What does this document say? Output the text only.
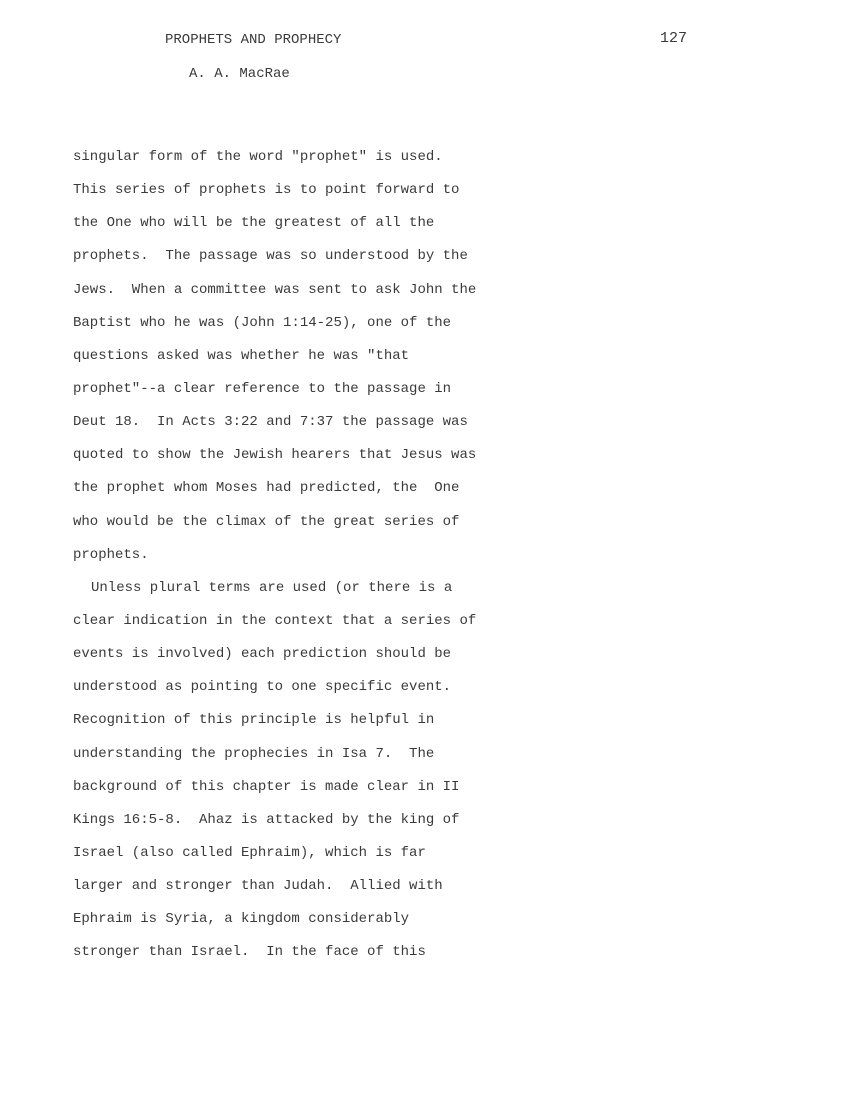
PROPHETS AND PROPHECY	127
A. A. MacRae
singular form of the word "prophet" is used.
This series of prophets is to point forward to
the One who will be the greatest of all the
prophets.  The passage was so understood by the
Jews.  When a committee was sent to ask John the
Baptist who he was (John 1:14-25), one of the
questions asked was whether he was "that
prophet"--a clear reference to the passage in
Deut 18.  In Acts 3:22 and 7:37 the passage was
quoted to show the Jewish hearers that Jesus was
the prophet whom Moses had predicted, the  One
who would be the climax of the great series of
prophets.
Unless plural terms are used (or there is a
clear indication in the context that a series of
events is involved) each prediction should be
understood as pointing to one specific event.
Recognition of this principle is helpful in
understanding the prophecies in Isa 7.  The
background of this chapter is made clear in II
Kings 16:5-8.  Ahaz is attacked by the king of
Israel (also called Ephraim), which is far
larger and stronger than Judah.  Allied with
Ephraim is Syria, a kingdom considerably
stronger than Israel.  In the face of this
